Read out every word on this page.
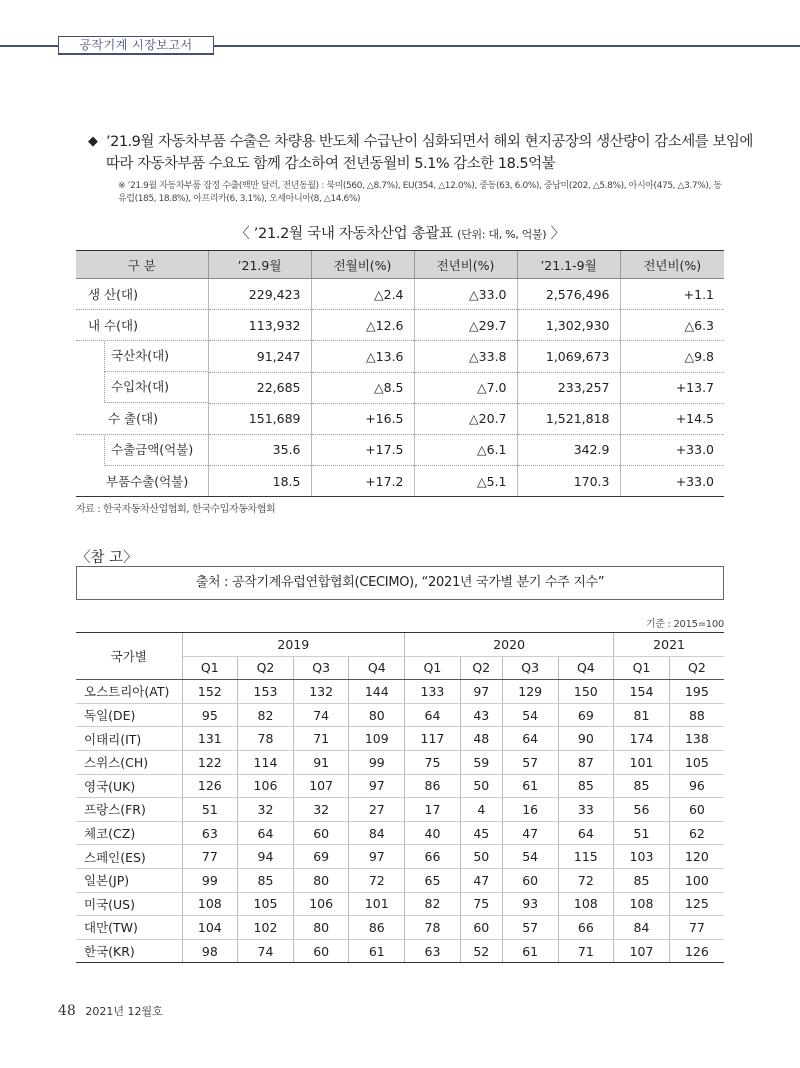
공작기계 시장보고서
◆ ’21.9월 자동차부품 수출은 차량용 반도체 수급난이 심화되면서 해외 현지공장의 생산량이 감소세를 보임에 따라 자동차부품 수요도 함께 감소하여 전년동월비 5.1% 감소한 18.5억불
※ ’21.9월 자동차부품 잠정 수출(백만 달러, 전년동월) : 북미(560, △8.7%), EU(354, △12.0%), 중동(63, 6.0%), 중남미(202, △5.8%), 아시아(475, △3.7%), 동유럽(185, 18.8%), 아프리카(6, 3.1%), 오세아니아(8, △14.6%)
〈 ’21.2월 국내 자동차산업 총괄표 (단위: 대, %, 억불) 〉
구 분	’21.9월	전월비(%)	전년비(%)	’21.1-9월	전년비(%)
생 산(대)	229,423	△2.4	△33.0	2,576,496	+1.1
내 수(대)	113,932	△12.6	△29.7	1,302,930	△6.3
국산차(대)	91,247	△13.6	△33.8	1,069,673	△9.8
수입차(대)	22,685	△8.5	△7.0	233,257	+13.7
수 출(대)	151,689	+16.5	△20.7	1,521,818	+14.5
수출금액(억불)	35.6	+17.5	△6.1	342.9	+33.0
부품수출(억불)	18.5	+17.2	△5.1	170.3	+33.0
자료 : 한국자동차산업협회, 한국수입자동차협회
〈참 고〉
출처 : 공작기계유럽연합협회(CECIMO), “2021년 국가별 분기 수주 지수”
기준 : 2015=100
국가별	2019				2020				2021	
	Q1	Q2	Q3	Q4	Q1	Q2	Q3	Q4	Q1	Q2
오스트리아(AT)	152	153	132	144	133	97	129	150	154	195
독일(DE)	95	82	74	80	64	43	54	69	81	88
이태리(IT)	131	78	71	109	117	48	64	90	174	138
스위스(CH)	122	114	91	99	75	59	57	87	101	105
영국(UK)	126	106	107	97	86	50	61	85	85	96
프랑스(FR)	51	32	32	27	17	4	16	33	56	60
체코(CZ)	63	64	60	84	40	45	47	64	51	62
스페인(ES)	77	94	69	97	66	50	54	115	103	120
일본(JP)	99	85	80	72	65	47	60	72	85	100
미국(US)	108	105	106	101	82	75	93	108	108	125
대만(TW)	104	102	80	86	78	60	57	66	84	77
한국(KR)	98	74	60	61	63	52	61	71	107	126
48 2021년 12월호
